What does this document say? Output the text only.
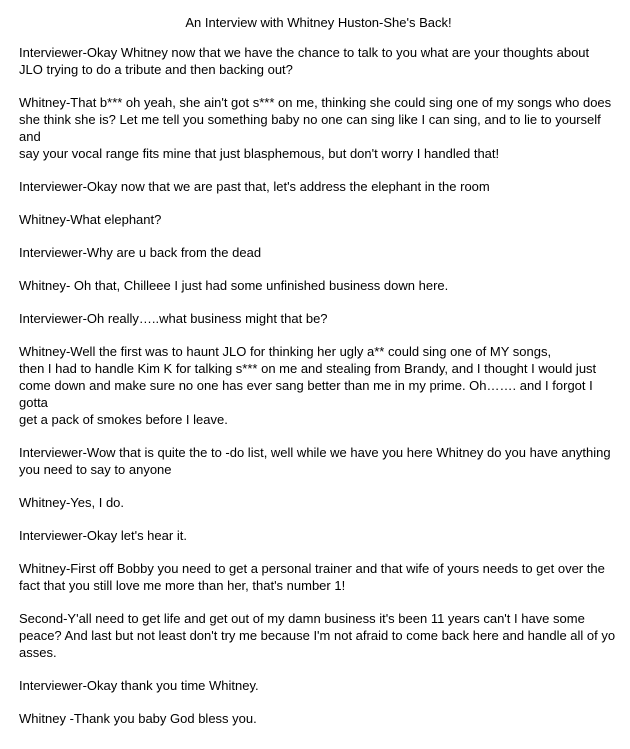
An Interview with Whitney Huston-She's Back!
Interviewer-Okay Whitney now that we have the chance to talk to you what are your thoughts about
JLO trying to do a tribute and then backing out?
Whitney-That b*** oh yeah, she ain't got s*** on me, thinking she could sing one of my songs who does
she think she is? Let me tell you something baby no one can sing like I can sing, and to lie to yourself and
say your vocal range fits mine that just blasphemous, but don't worry I handled that!
Interviewer-Okay now that we are past that, let's address the elephant in the room
Whitney-What elephant?
Interviewer-Why are u back from the dead
Whitney- Oh that, Chilleee I just had some unfinished business down here.
Interviewer-Oh really…..what business might that be?
Whitney-Well the first was to haunt JLO for thinking her ugly a** could sing one of MY songs,
then I had to handle Kim K for talking s*** on me and stealing from Brandy, and I thought I would just
come down and make sure no one has ever sang better than me in my prime. Oh……. and I forgot I gotta
get a pack of smokes before I leave.
Interviewer-Wow that is quite the to -do list, well while we have you here Whitney do you have anything
you need to say to anyone
Whitney-Yes, I do.
Interviewer-Okay let's hear it.
Whitney-First off Bobby you need to get a personal trainer and that wife of yours needs to get over the
fact that you still love me more than her, that's number 1!
Second-Y'all need to get life and get out of my damn business it's been 11 years can't I have some
peace? And last but not least don't try me because I'm not afraid to come back here and handle all of yo
asses.
Interviewer-Okay thank you time Whitney.
Whitney -Thank you baby God bless you.
